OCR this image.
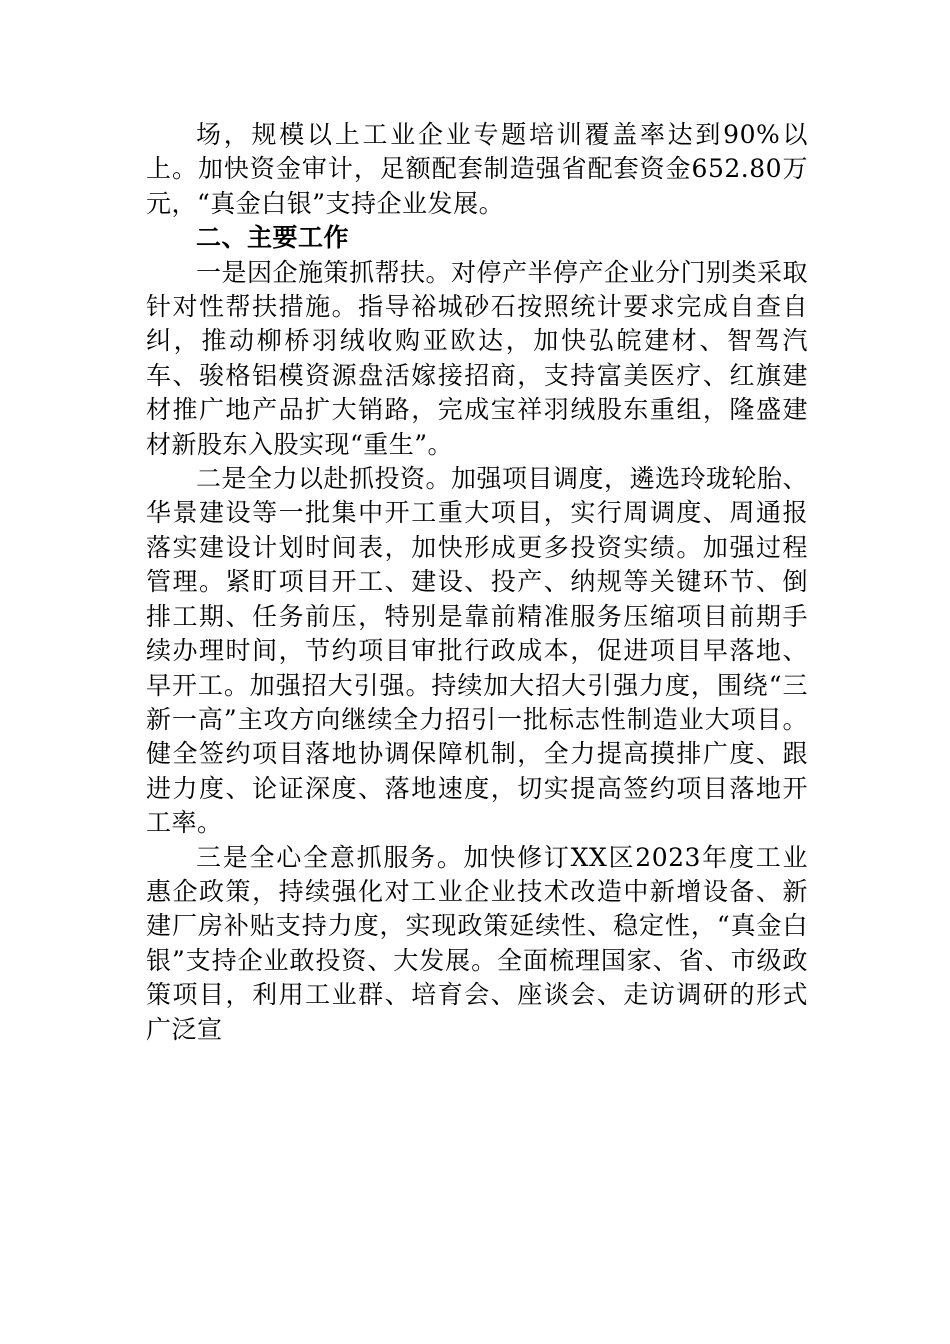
场，规模以上工业企业专题培训覆盖率达到90%以上。加快资金审计，足额配套制造强省配套资金652.80万元，“真金白银”支持企业发展。

二、主要工作

一是因企施策抓帮扶。对停产半停产企业分门别类采取针对性帮扶措施。指导裕城砂石按照统计要求完成自查自纠，推动柳桥羽绒收购亚欧达，加快弘皖建材、智驾汽车、骏格铝模资源盘活嫁接招商，支持富美医疗、红旗建材推广地产品扩大销路，完成宝祥羽绒股东重组，隆盛建材新股东入股实现“重生”。

二是全力以赴抓投资。加强项目调度，遴选玲珑轮胎、华景建设等一批集中开工重大项目，实行周调度、周通报落实建设计划时间表，加快形成更多投资实绩。加强过程管理。紧盯项目开工、建设、投产、纳规等关键环节、倒排工期、任务前压，特别是靠前精准服务压缩项目前期手续办理时间，节约项目审批行政成本，促进项目早落地、早开工。加强招大引强。持续加大招大引强力度，围绕“三新一高”主攻方向继续全力招引一批标志性制造业大项目。健全签约项目落地协调保障机制，全力提高摸排广度、跟进力度、论证深度、落地速度，切实提高签约项目落地开工率。

三是全心全意抓服务。加快修订XX区2023年度工业惠企政策，持续强化对工业企业技术改造中新增设备、新建厂房补贴支持力度，实现政策延续性、稳定性，“真金白银”支持企业敢投资、大发展。全面梳理国家、省、市级政策项目，利用工业群、培育会、座谈会、走访调研的形式广泛宣
